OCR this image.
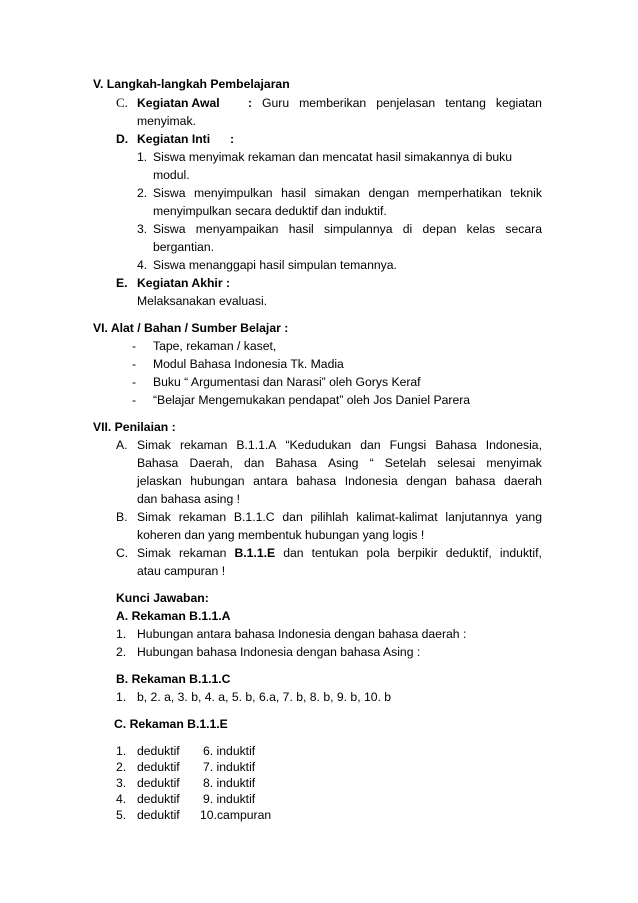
V. Langkah-langkah Pembelajaran
C. Kegiatan Awal : Guru memberikan penjelasan tentang kegiatan
menyimak.
D. Kegiatan Inti :
1. Siswa menyimak rekaman dan mencatat hasil simakannya di buku
modul.
2. Siswa menyimpulkan hasil simakan dengan memperhatikan teknik
menyimpulkan secara deduktif dan induktif.
3. Siswa menyampaikan hasil simpulannya di depan kelas secara
bergantian.
4. Siswa menanggapi hasil simpulan temannya.
E. Kegiatan Akhir :
Melaksanakan evaluasi.
VI. Alat / Bahan / Sumber Belajar :
- Tape, rekaman / kaset,
- Modul Bahasa Indonesia Tk. Madia
- Buku “ Argumentasi dan Narasi” oleh Gorys Keraf
- “Belajar Mengemukakan pendapat” oleh Jos Daniel Parera
VII. Penilaian :
A. Simak rekaman B.1.1.A “Kedudukan dan Fungsi Bahasa Indonesia,
Bahasa Daerah, dan Bahasa Asing “ Setelah selesai menyimak
jelaskan hubungan antara bahasa Indonesia dengan bahasa daerah
dan bahasa asing !
B. Simak rekaman B.1.1.C dan pilihlah kalimat-kalimat lanjutannya yang
koheren dan yang membentuk hubungan yang logis !
C. Simak rekaman B.1.1.E dan tentukan pola berpikir deduktif, induktif,
atau campuran !
Kunci Jawaban:
A. Rekaman B.1.1.A
1. Hubungan antara bahasa Indonesia dengan bahasa daerah :
2. Hubungan bahasa Indonesia dengan bahasa Asing :
B. Rekaman B.1.1.C
1. b, 2. a, 3. b, 4. a, 5. b, 6.a, 7. b, 8. b, 9. b, 10. b
C. Rekaman B.1.1.E
1. deduktif 6. induktif
2. deduktif 7. induktif
3. deduktif 8. induktif
4. deduktif 9. induktif
5. deduktif 10.campuran
